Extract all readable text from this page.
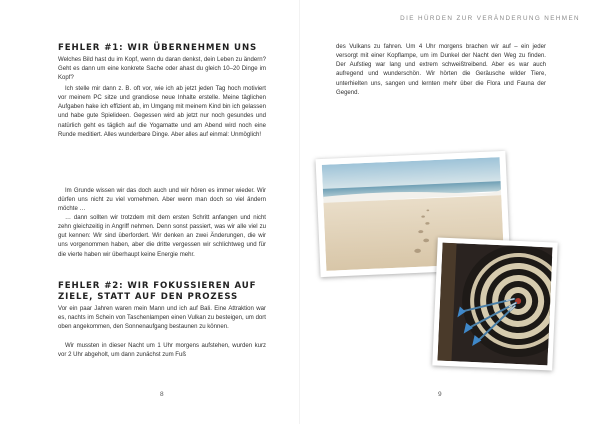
DIE HÜRDEN ZUR VERÄNDERUNG NEHMEN
FEHLER #1: WIR ÜBERNEHMEN UNS

Welches Bild hast du im Kopf, wenn du daran denkst, dein Leben zu ändern? Geht es dann um eine konkrete Sache oder ahast du gleich 10–20 Dinge im Kopf?

Ich stelle mir dann z. B. oft vor, wie ich ab jetzt jeden Tag hoch motiviert vor meinem PC sitze und grandiose neue Inhalte erstelle. Meine täglichen Aufgaben hake ich effizient ab, im Umgang mit meinem Kind bin ich gelassen und habe gute Spielideen. Gegessen wird ab jetzt nur noch gesundes und natürlich geht es täglich auf die Yogamatte und am Abend wird noch eine Runde meditiert. Alles wunderbare Dinge. Aber alles auf einmal: Unmöglich!

Im Grunde wissen wir das doch auch und wir hören es immer wieder. Wir dürfen uns nicht zu viel vornehmen. Aber wenn man doch so viel ändern möchte …

… dann sollten wir trotzdem mit dem ersten Schritt anfangen und nicht zehn gleichzeitig in Angriff nehmen. Denn sonst passiert, was wir alle viel zu gut kennen: Wir sind überfordert. Wir denken an zwei Änderungen, die wir uns vorgenommen haben, aber die dritte vergessen wir schlichtweg und für die vierte haben wir überhaupt keine Energie mehr.

FEHLER #2: WIR FOKUSSIEREN AUF ZIELE, STATT AUF DEN PROZESS

Vor ein paar Jahren waren mein Mann und ich auf Bali. Eine Attraktion war es, nachts im Schein von Taschenlampen einen Vulkan zu besteigen, um dort oben angekommen, den Sonnenaufgang bestaunen zu können.

Wir mussten in dieser Nacht um 1 Uhr morgens aufstehen, wurden kurz vor 2 Uhr abgeholt, um dann zunächst zum Fuß

8

des Vulkans zu fahren. Um 4 Uhr morgens brachen wir auf – ein jeder versorgt mit einer Kopflampe, um im Dunkel der Nacht den Weg zu finden. Der Aufstieg war lang und extrem schweißtreibend. Aber es war auch aufregend und wunderschön. Wir hörten die Geräusche wilder Tiere, unterhielten uns, sangen und lernten mehr über die Flora und Fauna der Gegend.

9
